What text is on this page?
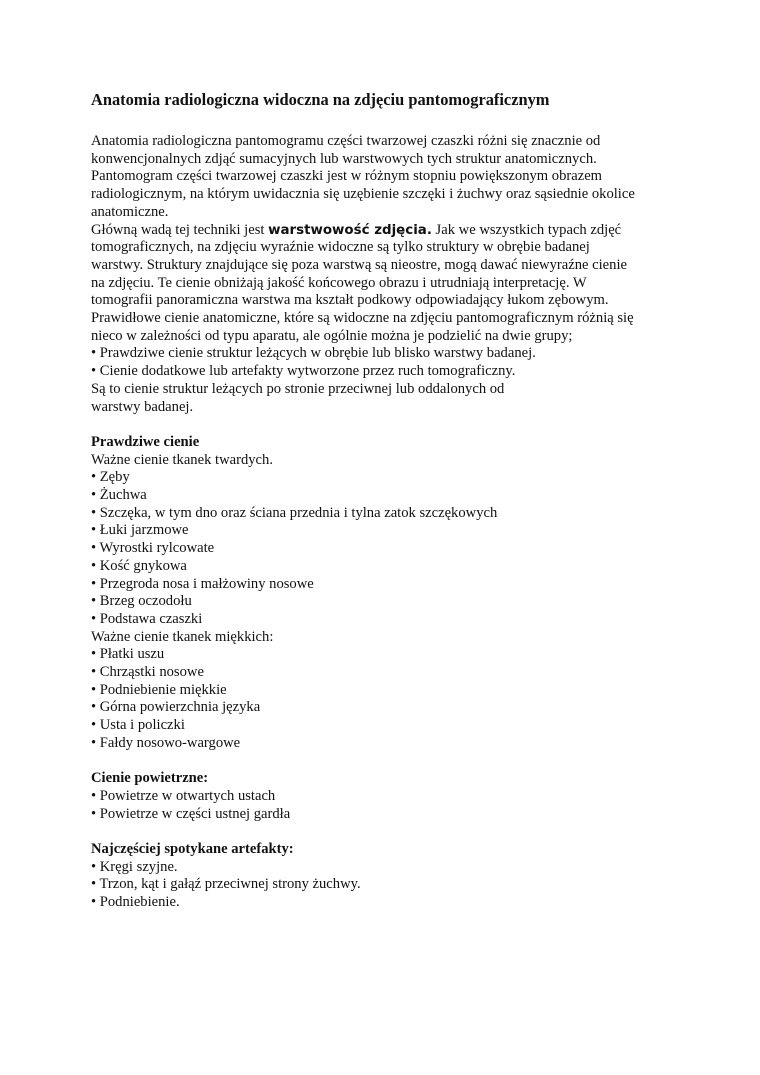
Anatomia radiologiczna widoczna na zdjęciu pantomograficznym
Anatomia radiologiczna pantomogramu części twarzowej czaszki różni się znacznie od
konwencjonalnych zdjąć sumacyjnych lub warstwowych tych struktur anatomicznych.
Pantomogram części twarzowej czaszki jest w różnym stopniu powiększonym obrazem
radiologicznym, na którym uwidacznia się uzębienie szczęki i żuchwy oraz sąsiednie okolice
anatomiczne.
Główną wadą tej techniki jest warstwowość zdjęcia. Jak we wszystkich typach zdjęć
tomograficznych, na zdjęciu wyraźnie widoczne są tylko struktury w obrębie badanej
warstwy. Struktury znajdujące się poza warstwą są nieostre, mogą dawać niewyraźne cienie
na zdjęciu. Te cienie obniżają jakość końcowego obrazu i utrudniają interpretację. W
tomografii panoramiczna warstwa ma kształt podkowy odpowiadający łukom zębowym.
Prawidłowe cienie anatomiczne, które są widoczne na zdjęciu pantomograficznym różnią się
nieco w zależności od typu aparatu, ale ogólnie można je podzielić na dwie grupy;
• Prawdziwe cienie struktur leżących w obrębie lub blisko warstwy badanej.
• Cienie dodatkowe lub artefakty wytworzone przez ruch tomograficzny.
Są to cienie struktur leżących po stronie przeciwnej lub oddalonych od
warstwy badanej.
Prawdziwe cienie
Ważne cienie tkanek twardych.
• Zęby
• Żuchwa
• Szczęka, w tym dno oraz ściana przednia i tylna zatok szczękowych
• Łuki jarzmowe
• Wyrostki rylcowate
• Kość gnykowa
• Przegroda nosa i małżowiny nosowe
• Brzeg oczodołu
• Podstawa czaszki
Ważne cienie tkanek miękkich:
• Płatki uszu
• Chrząstki nosowe
• Podniebienie miękkie
• Górna powierzchnia języka
• Usta i policzki
• Fałdy nosowo-wargowe
Cienie powietrzne:
• Powietrze w otwartych ustach
• Powietrze w części ustnej gardła
Najczęściej spotykane artefakty:
• Kręgi szyjne.
• Trzon, kąt i gałąź przeciwnej strony żuchwy.
• Podniebienie.
